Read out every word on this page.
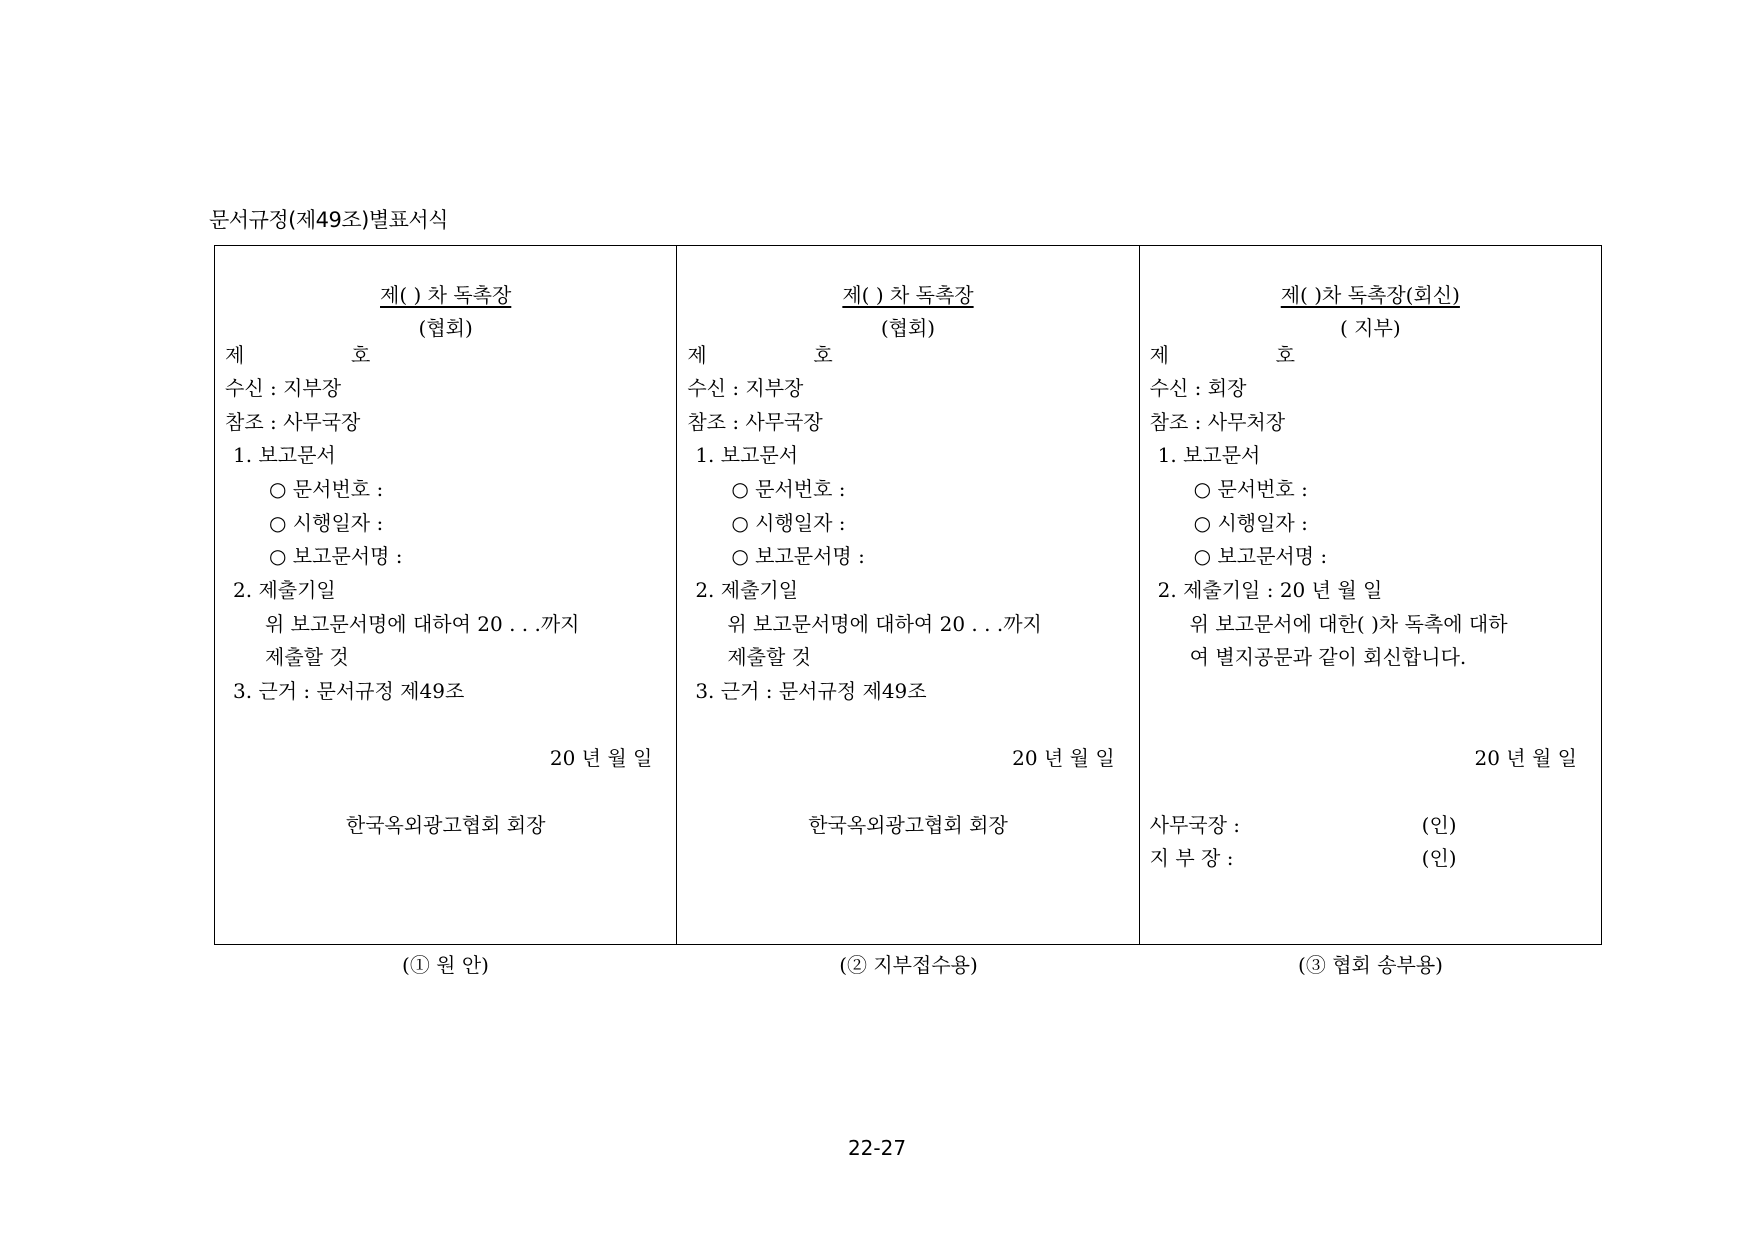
문서규정(제49조)별표서식
제( ) 차 독촉장
(협회)
제	호
수신 : 지부장
참조 : 사무국장
1. 보고문서
○ 문서번호 :
○ 시행일자 :
○ 보고문서명 :
2. 제출기일
위 보고문서명에 대하여 20 . . .까지
제출할 것
3. 근거 : 문서규정 제49조
20 년 월 일
한국옥외광고협회 회장
제( ) 차 독촉장
(협회)
제	호
수신 : 지부장
참조 : 사무국장
1. 보고문서
○ 문서번호 :
○ 시행일자 :
○ 보고문서명 :
2. 제출기일
위 보고문서명에 대하여 20 . . .까지
제출할 것
3. 근거 : 문서규정 제49조
20 년 월 일
한국옥외광고협회 회장
제( )차 독촉장(회신)
( 지부)
제	호
수신 : 회장
참조 : 사무처장
1. 보고문서
○ 문서번호 :
○ 시행일자 :
○ 보고문서명 :
2. 제출기일 : 20 년 월 일
위 보고문서에 대한( )차 독촉에 대하
여 별지공문과 같이 회신합니다.
20 년 월 일
사무국장 :	(인)
지 부 장 :	(인)
(① 원 안)	(② 지부접수용)	(③ 협회 송부용)
22-27
